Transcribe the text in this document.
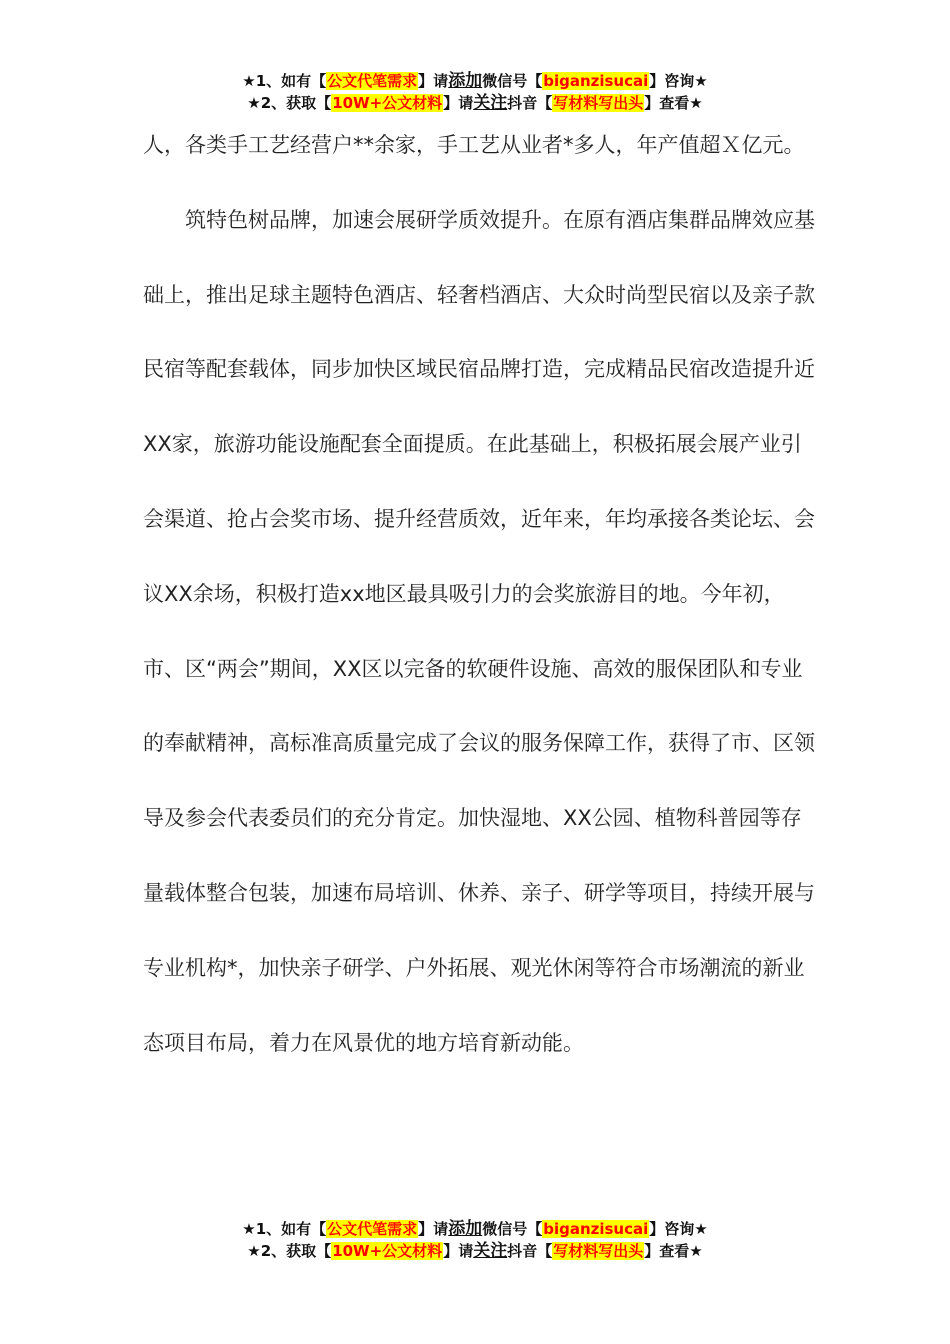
★1、如有【公文代笔需求】请添加微信号【biganzisucai】咨询★
★2、获取【10W+公文材料】请关注抖音【写材料写出头】查看★

人，各类手工艺经营户**余家，手工艺从业者*多人，年产值超Ｘ亿元。

筑特色树品牌，加速会展研学质效提升。在原有酒店集群品牌效应基础上，推出足球主题特色酒店、轻奢档酒店、大众时尚型民宿以及亲子款民宿等配套载体，同步加快区域民宿品牌打造，完成精品民宿改造提升近XX家，旅游功能设施配套全面提质。在此基础上，积极拓展会展产业引会渠道、抢占会奖市场、提升经营质效，近年来，年均承接各类论坛、会议XX余场，积极打造xx地区最具吸引力的会奖旅游目的地。今年初，市、区“两会”期间，XX区以完备的软硬件设施、高效的服保团队和专业的奉献精神，高标准高质量完成了会议的服务保障工作，获得了市、区领导及参会代表委员们的充分肯定。加快湿地、XX公园、植物科普园等存量载体整合包装，加速布局培训、休养、亲子、研学等项目，持续开展与专业机构*，加快亲子研学、户外拓展、观光休闲等符合市场潮流的新业态项目布局，着力在风景优的地方培育新动能。

★1、如有【公文代笔需求】请添加微信号【biganzisucai】咨询★
★2、获取【10W+公文材料】请关注抖音【写材料写出头】查看★
